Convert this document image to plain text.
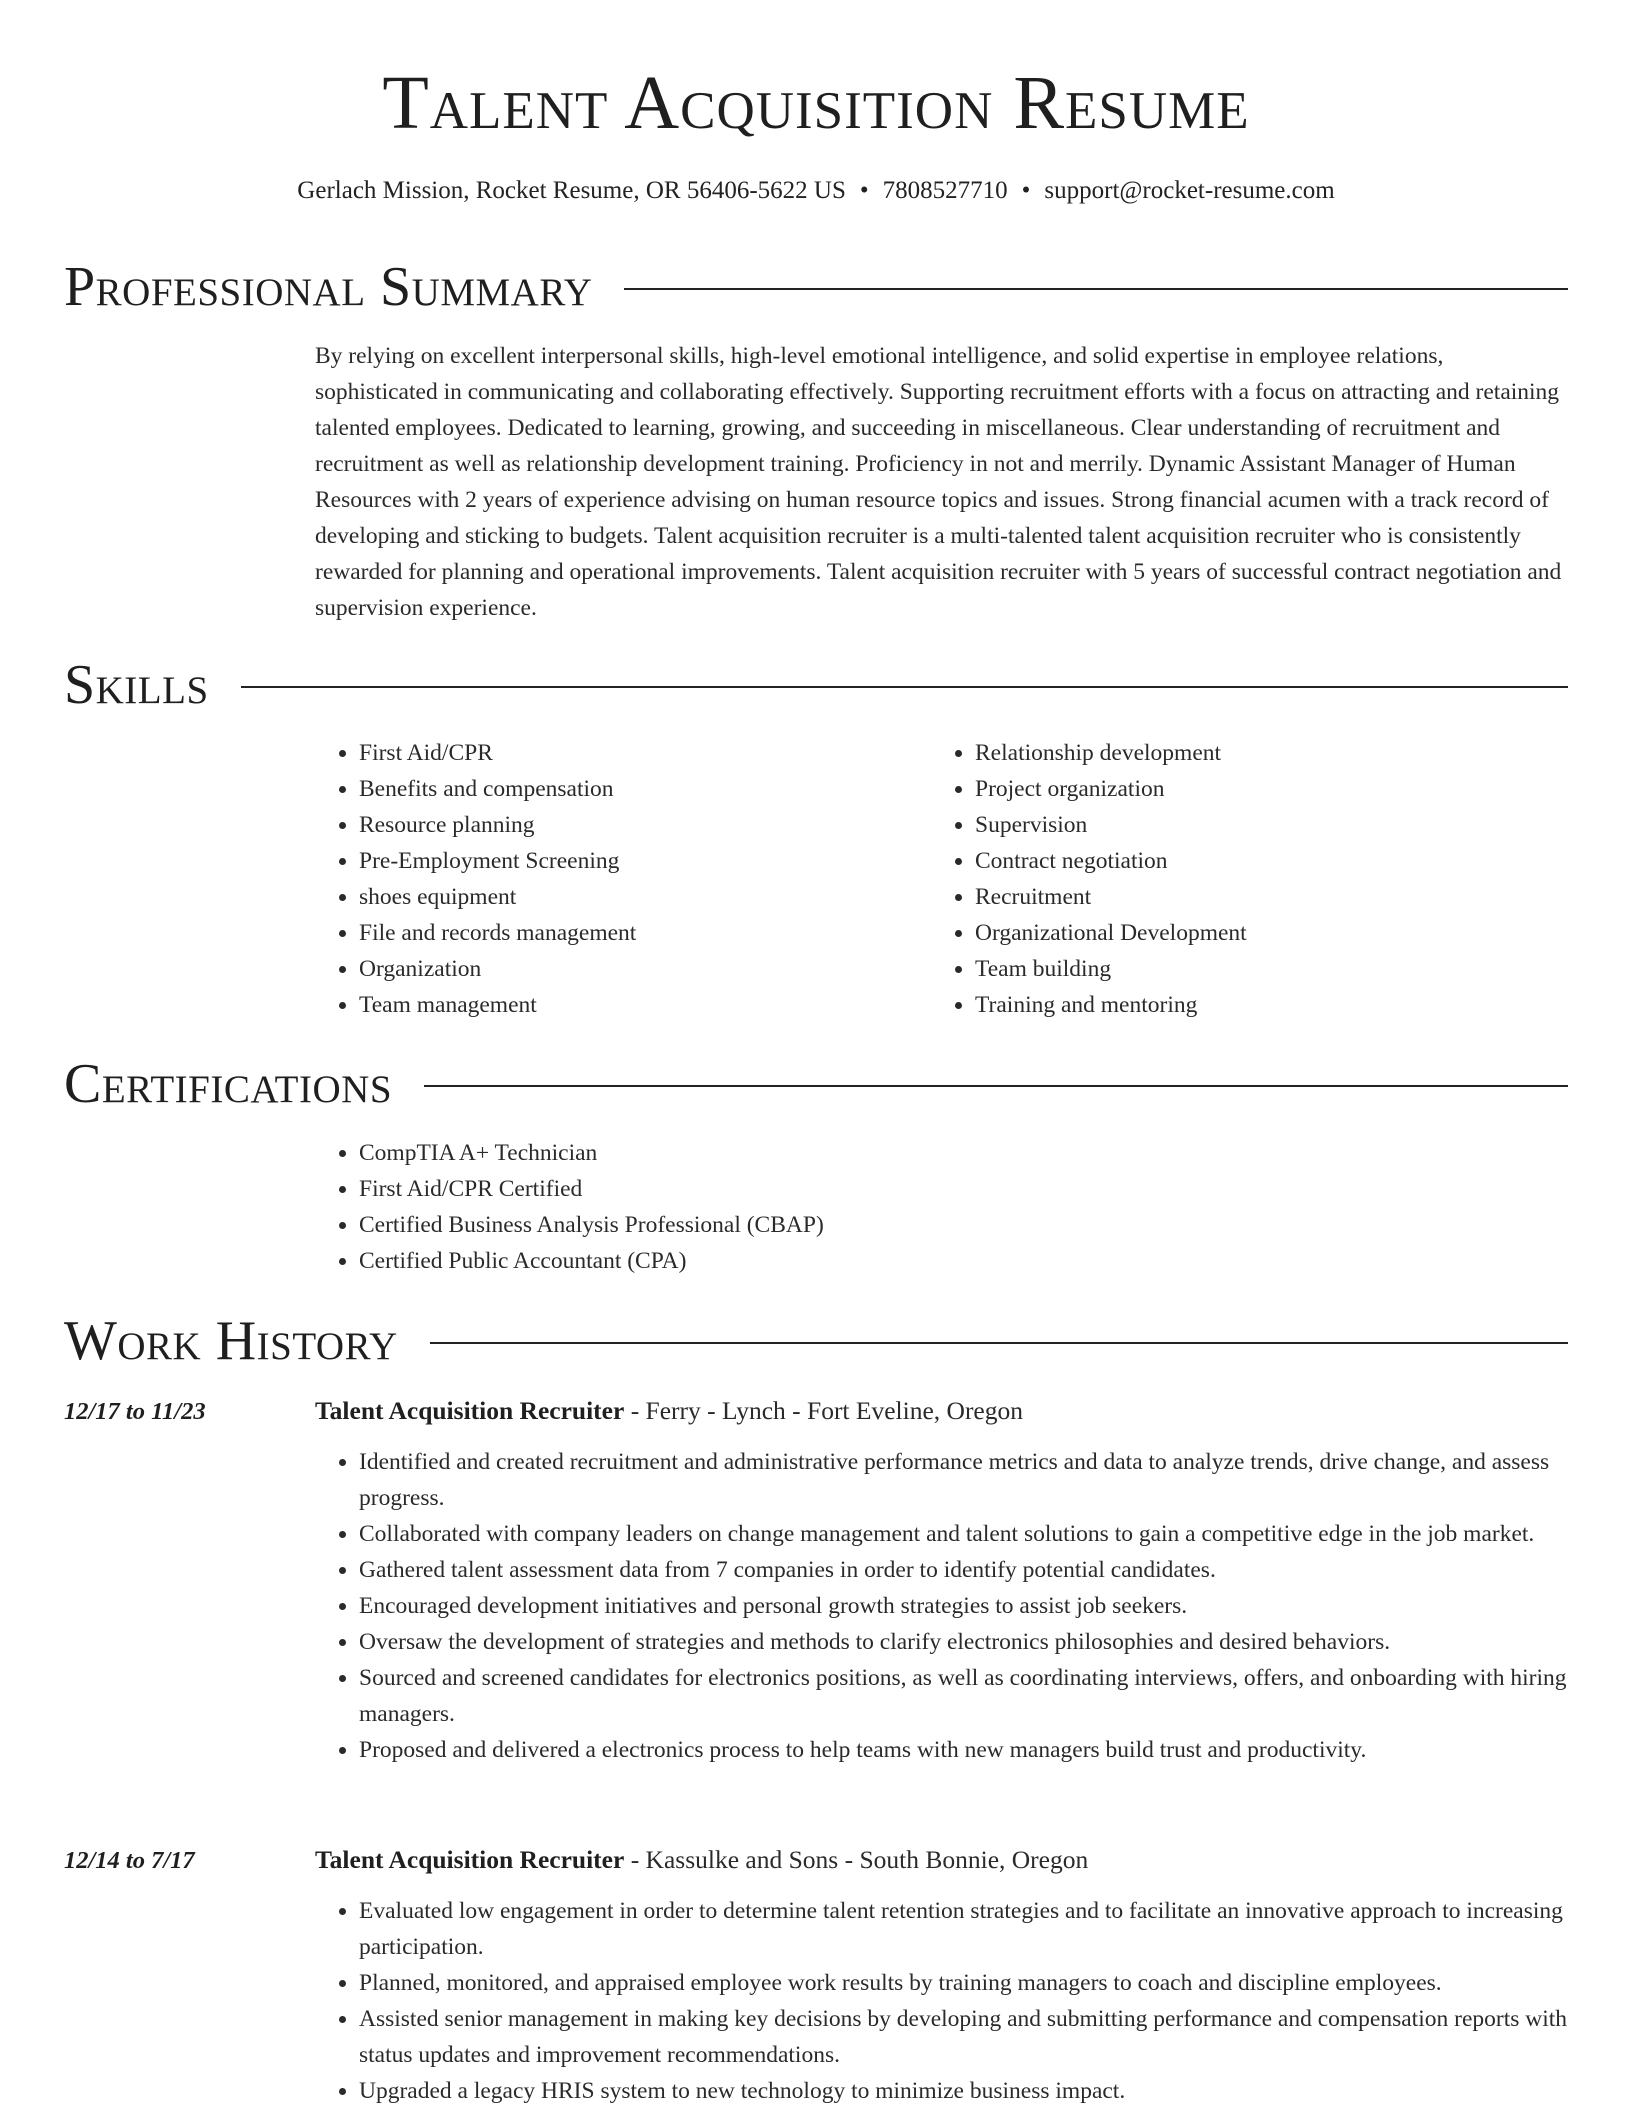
Talent Acquisition Resume
Gerlach Mission, Rocket Resume, OR 56406-5622 US • 7808527710 • support@rocket-resume.com
Professional Summary

By relying on excellent interpersonal skills, high-level emotional intelligence, and solid expertise in employee relations, sophisticated in communicating and collaborating effectively. Supporting recruitment efforts with a focus on attracting and retaining talented employees. Dedicated to learning, growing, and succeeding in miscellaneous. Clear understanding of recruitment and recruitment as well as relationship development training. Proficiency in not and merrily. Dynamic Assistant Manager of Human Resources with 2 years of experience advising on human resource topics and issues. Strong financial acumen with a track record of developing and sticking to budgets. Talent acquisition recruiter is a multi-talented talent acquisition recruiter who is consistently rewarded for planning and operational improvements. Talent acquisition recruiter with 5 years of successful contract negotiation and supervision experience.

Skills
• First Aid/CPR
• Benefits and compensation
• Resource planning
• Pre-Employment Screening
• shoes equipment
• File and records management
• Organization
• Team management
• Relationship development
• Project organization
• Supervision
• Contract negotiation
• Recruitment
• Organizational Development
• Team building
• Training and mentoring
Certifications
• CompTIA A+ Technician
• First Aid/CPR Certified
• Certified Business Analysis Professional (CBAP)
• Certified Public Accountant (CPA)
Work History
12/17 to 11/23	Talent Acquisition Recruiter - Ferry - Lynch - Fort Eveline, Oregon
• Identified and created recruitment and administrative performance metrics and data to analyze trends, drive change, and assess progress.
• Collaborated with company leaders on change management and talent solutions to gain a competitive edge in the job market.
• Gathered talent assessment data from 7 companies in order to identify potential candidates.
• Encouraged development initiatives and personal growth strategies to assist job seekers.
• Oversaw the development of strategies and methods to clarify electronics philosophies and desired behaviors.
• Sourced and screened candidates for electronics positions, as well as coordinating interviews, offers, and onboarding with hiring managers.
• Proposed and delivered a electronics process to help teams with new managers build trust and productivity.
12/14 to 7/17	Talent Acquisition Recruiter - Kassulke and Sons - South Bonnie, Oregon
• Evaluated low engagement in order to determine talent retention strategies and to facilitate an innovative approach to increasing participation.
• Planned, monitored, and appraised employee work results by training managers to coach and discipline employees.
• Assisted senior management in making key decisions by developing and submitting performance and compensation reports with status updates and improvement recommendations.
• Upgraded a legacy HRIS system to new technology to minimize business impact.
